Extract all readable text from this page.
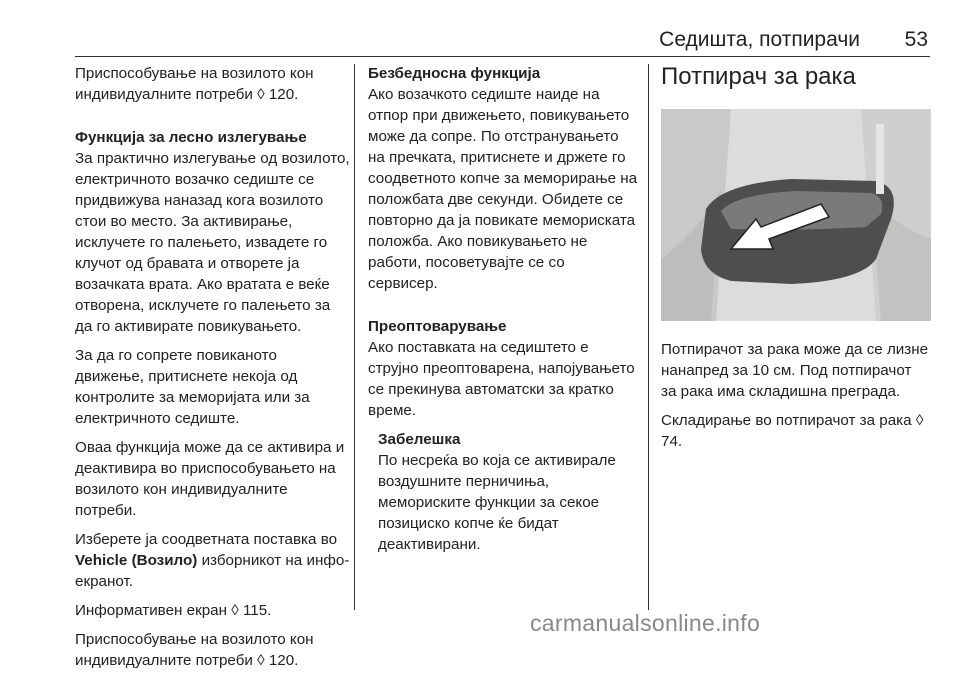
Седишта, потпирачи 53

Приспособување на возилото кон индивидуалните потреби ◊ 120.

Функција за лесно излегување

За практично излегување од возилото, електричното возачко седиште се придвижува наназад кога возилото стои во место. За активирање, исклучете го палењето, извадете го клучот од бравата и отворете ја возачката врата. Ако вратата е веќе отворена, исклучете го палењето за да го активирате повикувањето.

За да го сопрете повиканото движење, притиснете некоја од контролите за меморијата или за електричното седиште.

Оваа функција може да се активира и деактивира во приспособувањето на возилото кон индивидуалните потреби.

Изберете ја соодветната поставка во Vehicle (Возило) изборникот на инфо-екранот.

Информативен екран ◊ 115.

Приспособување на возилото кон индивидуалните потреби ◊ 120.

Безбедносна функција

Ако возачкото седиште наиде на отпор при движењето, повикувањето може да сопре. По отстранувањето на пречката, притиснете и држете го соодветното копче за меморирање на положбата две секунди. Обидете се повторно да ја повикате мемориската положба. Ако повикувањето не работи, посоветувајте се со сервисер.

Преоптоварување

Ако поставката на седиштето е струјно преоптоварена, напојувањето се прекинува автоматски за кратко време.

Забелешка

По несреќа во која се активирале воздушните перничиња, мемориските функции за секое позициско копче ќе бидат деактивирани.

Потпирач за рака

Потпирачот за рака може да се лизне нанапред за 10 см. Под потпирачот за рака има складишна преграда.

Складирање во потпирачот за рака ◊ 74.

carmanualsonline.info
